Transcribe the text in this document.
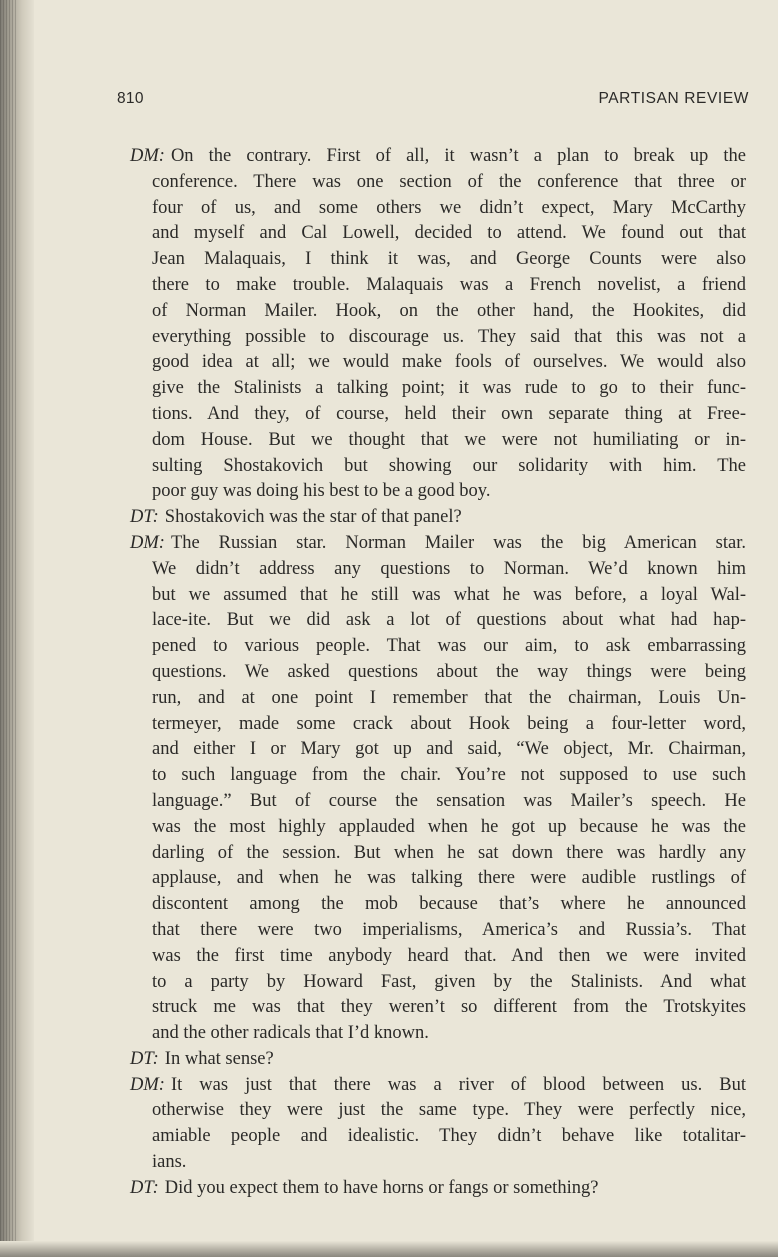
810	PARTISAN REVIEW
DM: On the contrary. First of all, it wasn’t a plan to break up the
conference. There was one section of the conference that three or
four of us, and some others we didn’t expect, Mary McCarthy
and myself and Cal Lowell, decided to attend. We found out that
Jean Malaquais, I think it was, and George Counts were also
there to make trouble. Malaquais was a French novelist, a friend
of Norman Mailer. Hook, on the other hand, the Hookites, did
everything possible to discourage us. They said that this was not a
good idea at all; we would make fools of ourselves. We would also
give the Stalinists a talking point; it was rude to go to their func-
tions. And they, of course, held their own separate thing at Free-
dom House. But we thought that we were not humiliating or in-
sulting Shostakovich but showing our solidarity with him. The
poor guy was doing his best to be a good boy.
DT: Shostakovich was the star of that panel?
DM: The Russian star. Norman Mailer was the big American star.
We didn’t address any questions to Norman. We’d known him
but we assumed that he still was what he was before, a loyal Wal-
lace-ite. But we did ask a lot of questions about what had hap-
pened to various people. That was our aim, to ask embarrassing
questions. We asked questions about the way things were being
run, and at one point I remember that the chairman, Louis Un-
termeyer, made some crack about Hook being a four-letter word,
and either I or Mary got up and said, “We object, Mr. Chairman,
to such language from the chair. You’re not supposed to use such
language.” But of course the sensation was Mailer’s speech. He
was the most highly applauded when he got up because he was the
darling of the session. But when he sat down there was hardly any
applause, and when he was talking there were audible rustlings of
discontent among the mob because that’s where he announced
that there were two imperialisms, America’s and Russia’s. That
was the first time anybody heard that. And then we were invited
to a party by Howard Fast, given by the Stalinists. And what
struck me was that they weren’t so different from the Trotskyites
and the other radicals that I’d known.
DT: In what sense?
DM: It was just that there was a river of blood between us. But
otherwise they were just the same type. They were perfectly nice,
amiable people and idealistic. They didn’t behave like totalitar-
ians.
DT: Did you expect them to have horns or fangs or something?
